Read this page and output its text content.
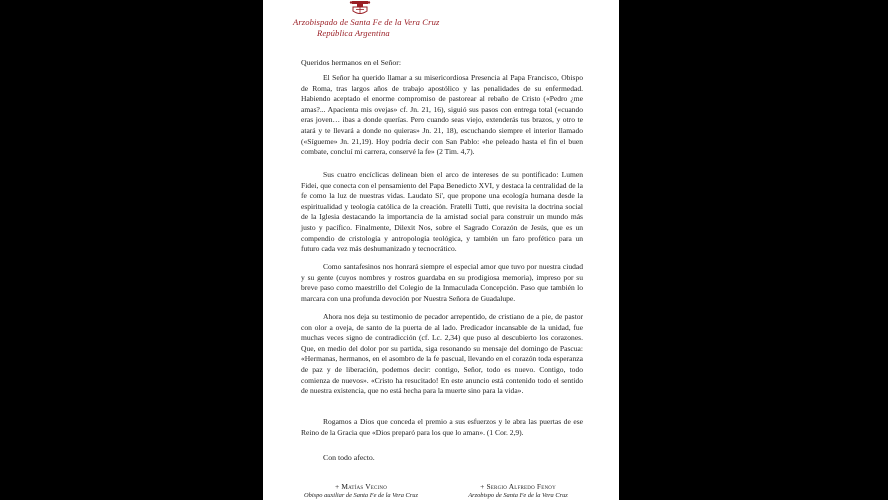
Arzobispado de Santa Fe de la Vera Cruz
República Argentina
Queridos hermanos en el Señor:

El Señor ha querido llamar a su misericordiosa Presencia al Papa Francisco, Obispo de Roma, tras largos años de trabajo apostólico y las penalidades de su enfermedad. Habiendo aceptado el enorme compromiso de pastorear al rebaño de Cristo («Pedro ¿me amas?... Apacienta mis ovejas» cf. Jn. 21, 16), siguió sus pasos con entrega total («cuando eras joven… ibas a donde querías. Pero cuando seas viejo, extenderás tus brazos, y otro te atará y te llevará a donde no quieras» Jn. 21, 18), escuchando siempre el interior llamado («Sígueme» Jn. 21,19). Hoy podría decir con San Pablo: «he peleado hasta el fin el buen combate, concluí mi carrera, conservé la fe» (2 Tim. 4,7).

Sus cuatro encíclicas delinean bien el arco de intereses de su pontificado: Lumen Fidei, que conecta con el pensamiento del Papa Benedicto XVI, y destaca la centralidad de la fe como la luz de nuestras vidas. Laudato Si', que propone una ecología humana desde la espiritualidad y teología católica de la creación. Fratelli Tutti, que revisita la doctrina social de la Iglesia destacando la importancia de la amistad social para construir un mundo más justo y pacífico. Finalmente, Dilexit Nos, sobre el Sagrado Corazón de Jesús, que es un compendio de cristología y antropología teológica, y también un faro profético para un futuro cada vez más deshumanizado y tecnocrático.

Como santafesinos nos honrará siempre el especial amor que tuvo por nuestra ciudad y su gente (cuyos nombres y rostros guardaba en su prodigiosa memoria), impreso por su breve paso como maestrillo del Colegio de la Inmaculada Concepción. Paso que también lo marcara con una profunda devoción por Nuestra Señora de Guadalupe.

Ahora nos deja su testimonio de pecador arrepentido, de cristiano de a pie, de pastor con olor a oveja, de santo de la puerta de al lado. Predicador incansable de la unidad, fue muchas veces signo de contradicción (cf. Lc. 2,34) que puso al descubierto los corazones. Que, en medio del dolor por su partida, siga resonando su mensaje del domingo de Pascua: «Hermanas, hermanos, en el asombro de la fe pascual, llevando en el corazón toda esperanza de paz y de liberación, podemos decir: contigo, Señor, todo es nuevo. Contigo, todo comienza de nuevos». «Cristo ha resucitado! En este anuncio está contenido todo el sentido de nuestra existencia, que no está hecha para la muerte sino para la vida».

Rogamos a Dios que conceda el premio a sus esfuerzos y le abra las puertas de ese Reino de la Gracia que «Dios preparó para los que lo aman». (1 Cor. 2,9).

Con todo afecto.
+ Matías Vecino
Obispo auxiliar de Santa Fe de la Vera Cruz
+ Sergio Alfredo Fenoy
Arzobispo de Santa Fe de la Vera Cruz
